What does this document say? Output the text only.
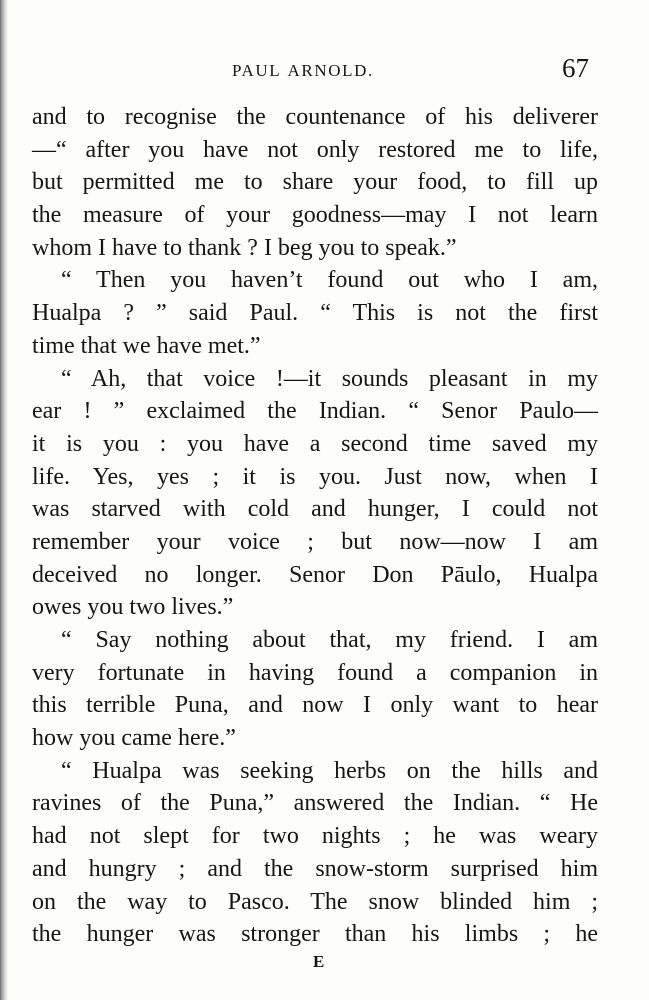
PAUL ARNOLD.	67
and to recognise the countenance of his deliverer
—“ after you have not only restored me to life,
but permitted me to share your food, to fill up
the measure of your goodness—may I not learn
whom I have to thank ? I beg you to speak.”
“ Then you haven’t found out who I am,
Hualpa ? ” said Paul. “ This is not the first
time that we have met.”
“ Ah, that voice !—it sounds pleasant in my
ear ! ” exclaimed the Indian. “ Senor Paulo—
it is you : you have a second time saved my
life. Yes, yes ; it is you. Just now, when I
was starved with cold and hunger, I could not
remember your voice ; but now—now I am
deceived no longer. Senor Don Pāulo, Hualpa
owes you two lives.”
“ Say nothing about that, my friend. I am
very fortunate in having found a companion in
this terrible Puna, and now I only want to hear
how you came here.”
“ Hualpa was seeking herbs on the hills and
ravines of the Puna,” answered the Indian. “ He
had not slept for two nights ; he was weary
and hungry ; and the snow-storm surprised him
on the way to Pasco. The snow blinded him ;
the hunger was stronger than his limbs ; he
E
